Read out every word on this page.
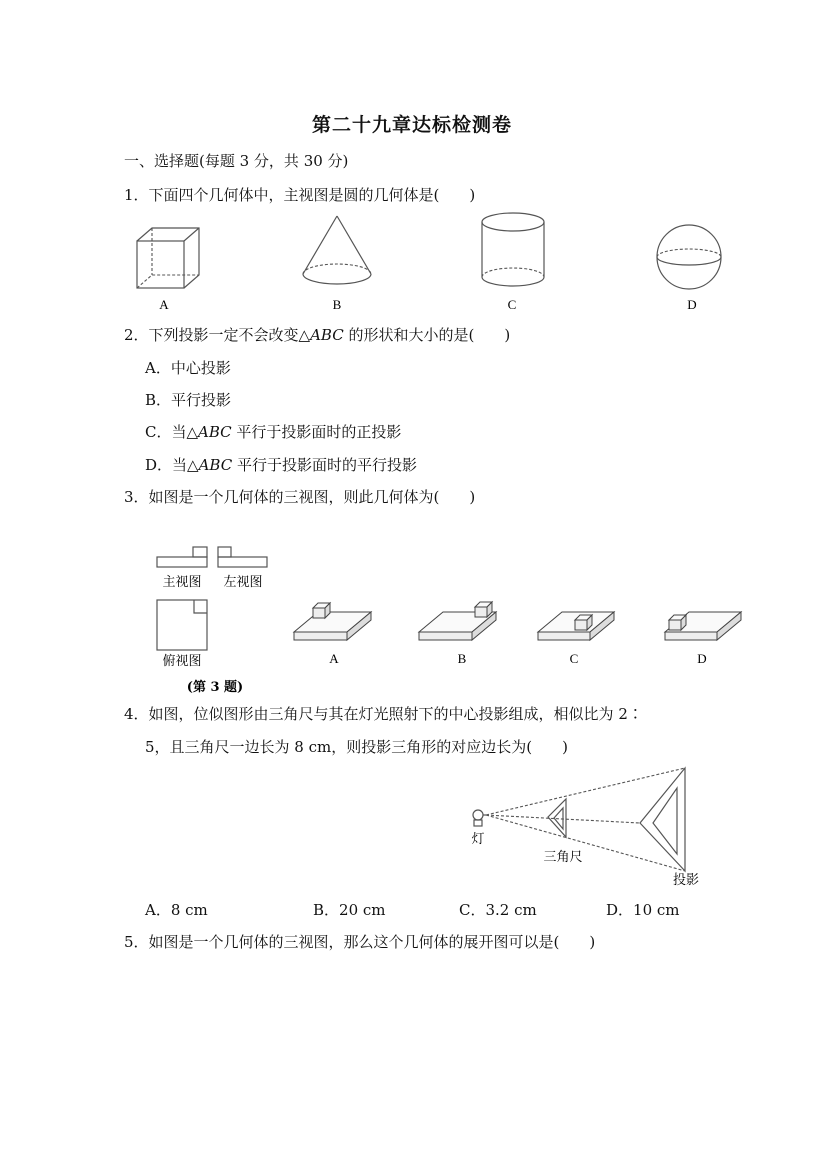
第二十九章达标检测卷
一、选择题(每题 3 分，共 30 分)
1．下面四个几何体中，主视图是圆的几何体是(　　)
A	B	C	D
2．下列投影一定不会改变△ABC 的形状和大小的是(　　)
A．中心投影
B．平行投影
C．当△ABC 平行于投影面时的正投影
D．当△ABC 平行于投影面时的平行投影
3．如图是一个几何体的三视图，则此几何体为(　　)
主视图 左视图
俯视图
(第 3 题)
A	B	C	D
4．如图，位似图形由三角尺与其在灯光照射下的中心投影组成，相似比为 2∶
5，且三角尺一边长为 8 cm，则投影三角形的对应边长为(　　)
灯
三角尺
投影
A．8 cm	B．20 cm	C．3.2 cm	D．10 cm
5．如图是一个几何体的三视图，那么这个几何体的展开图可以是(　　)
